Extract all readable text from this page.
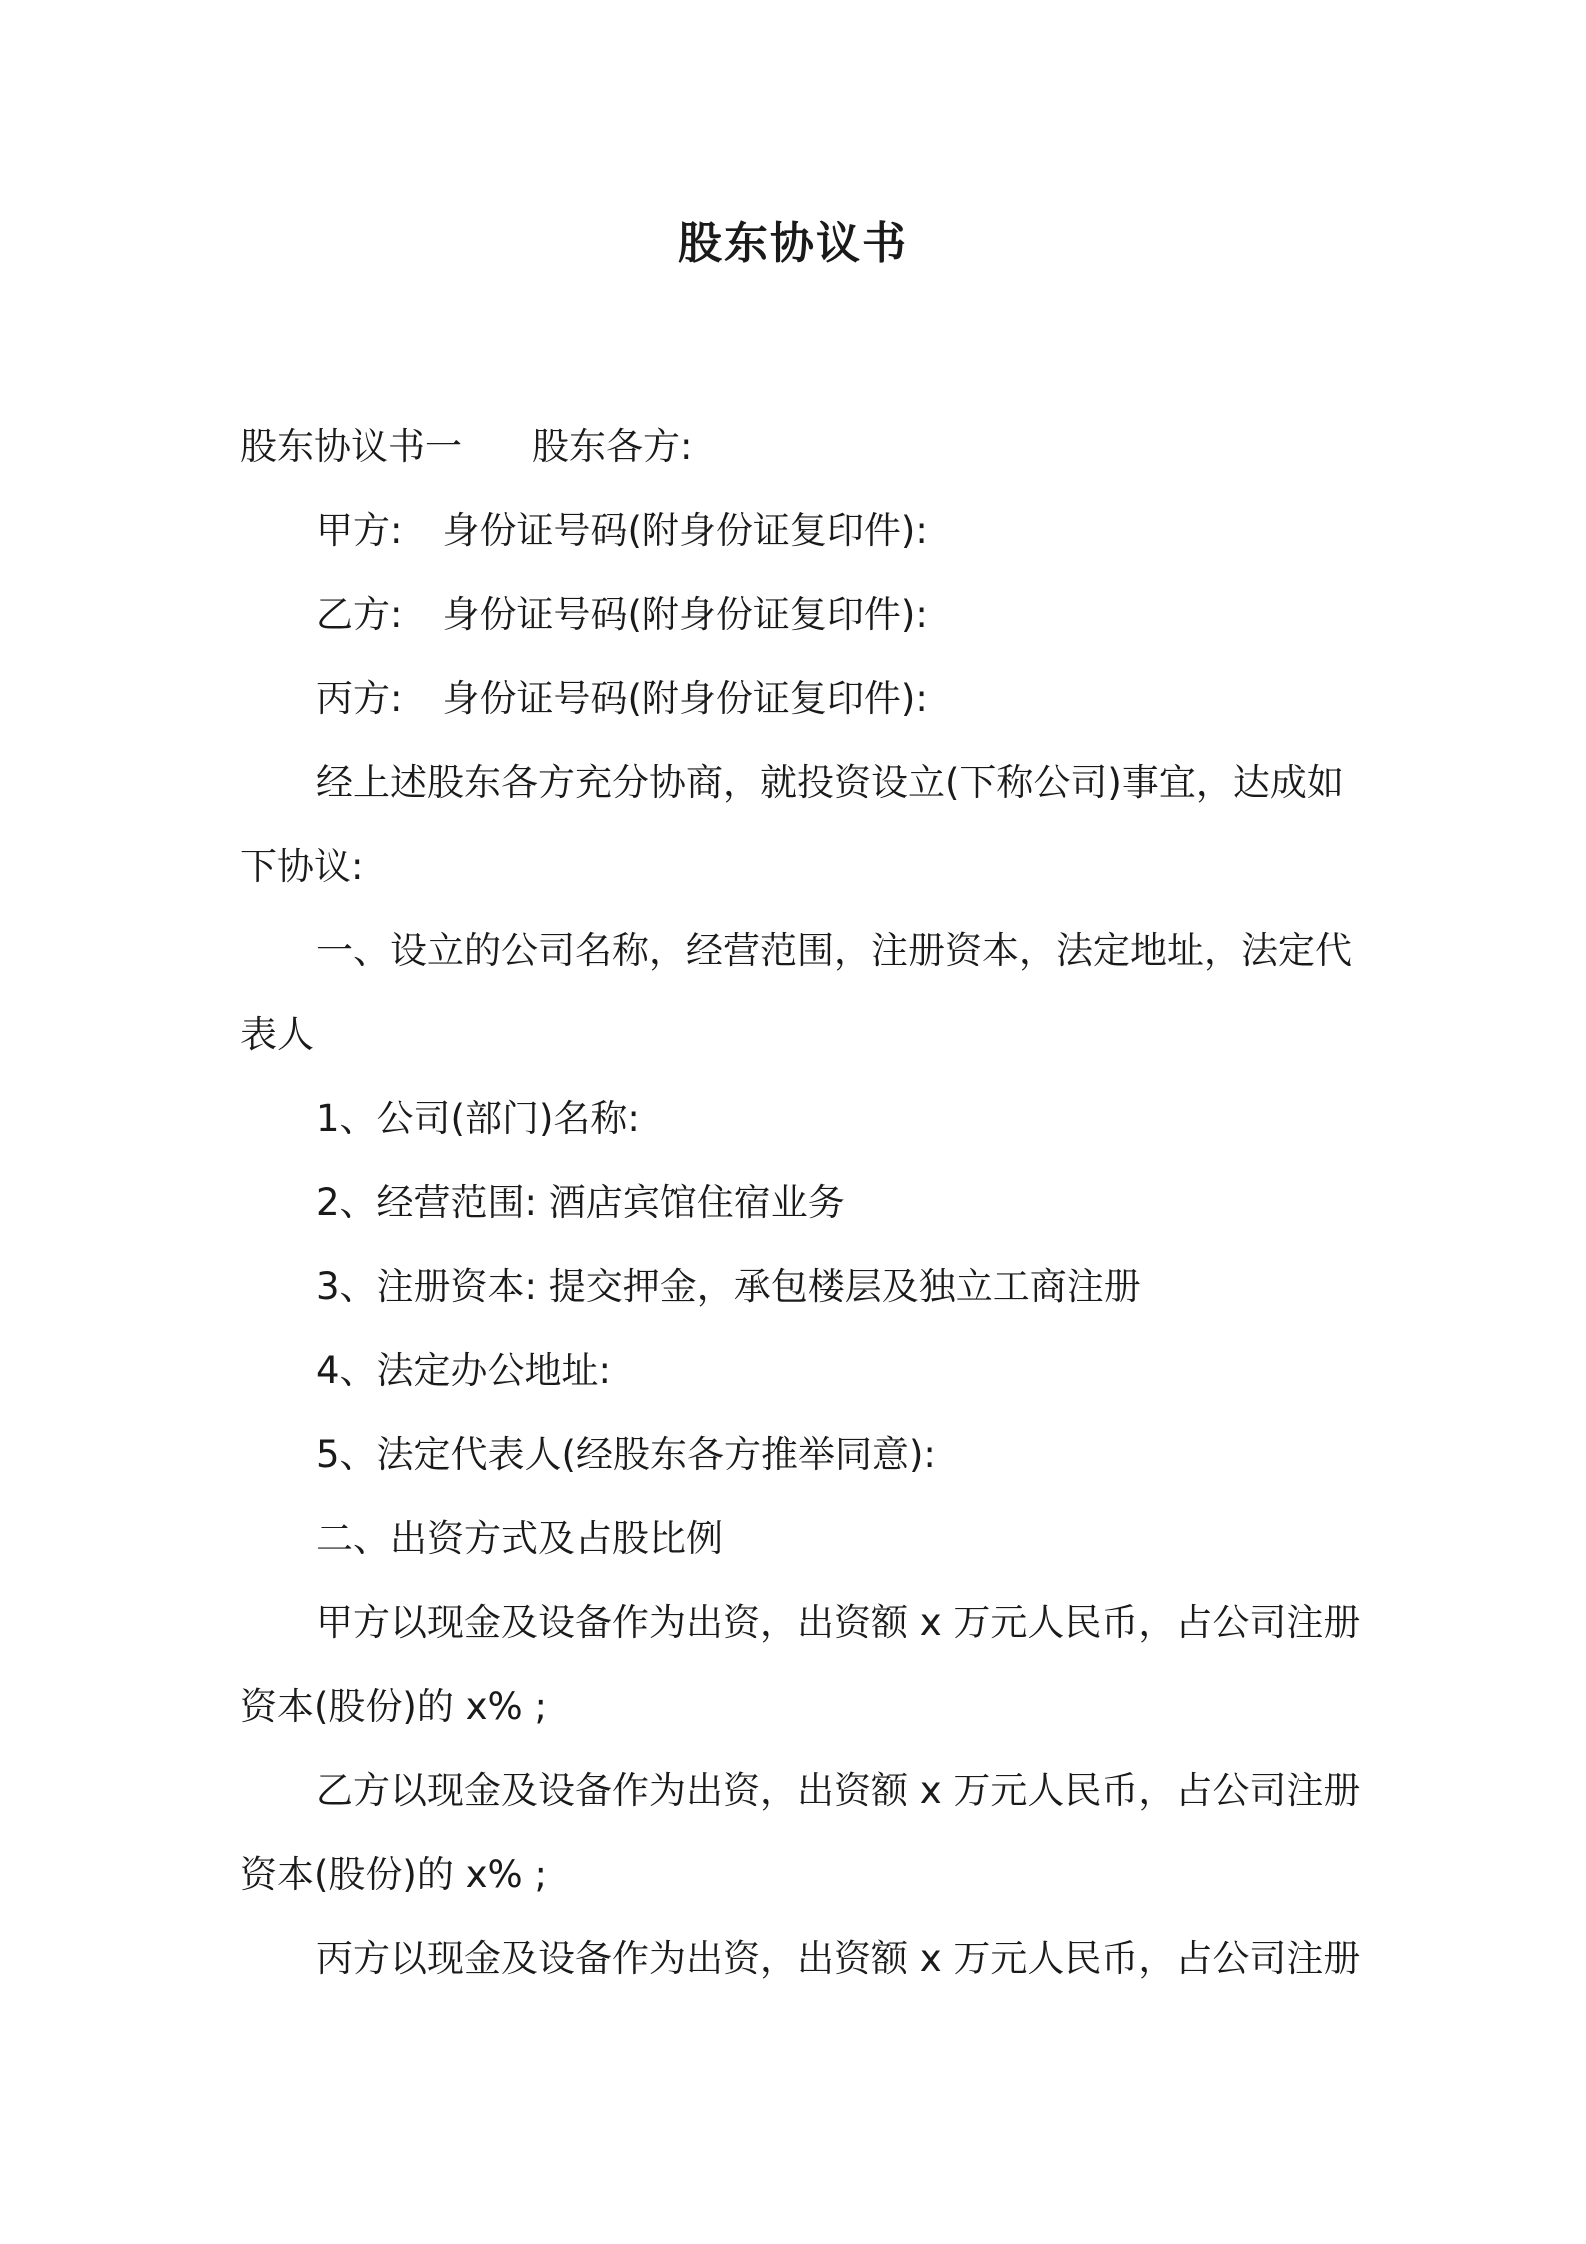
股东协议书
股东协议书一 股东各方:
甲方: 身份证号码(附身份证复印件):
乙方: 身份证号码(附身份证复印件):
丙方: 身份证号码(附身份证复印件):
经上述股东各方充分协商，就投资设立(下称公司)事宜，达成如
下协议:
一、设立的公司名称，经营范围，注册资本，法定地址，法定代
表人
1、公司(部门)名称:
2、经营范围: 酒店宾馆住宿业务
3、注册资本: 提交押金，承包楼层及独立工商注册
4、法定办公地址:
5、法定代表人(经股东各方推举同意):
二、出资方式及占股比例
甲方以现金及设备作为出资，出资额 x 万元人民币，占公司注册
资本(股份)的 x% ;
乙方以现金及设备作为出资，出资额 x 万元人民币，占公司注册
资本(股份)的 x% ;
丙方以现金及设备作为出资，出资额 x 万元人民币，占公司注册
